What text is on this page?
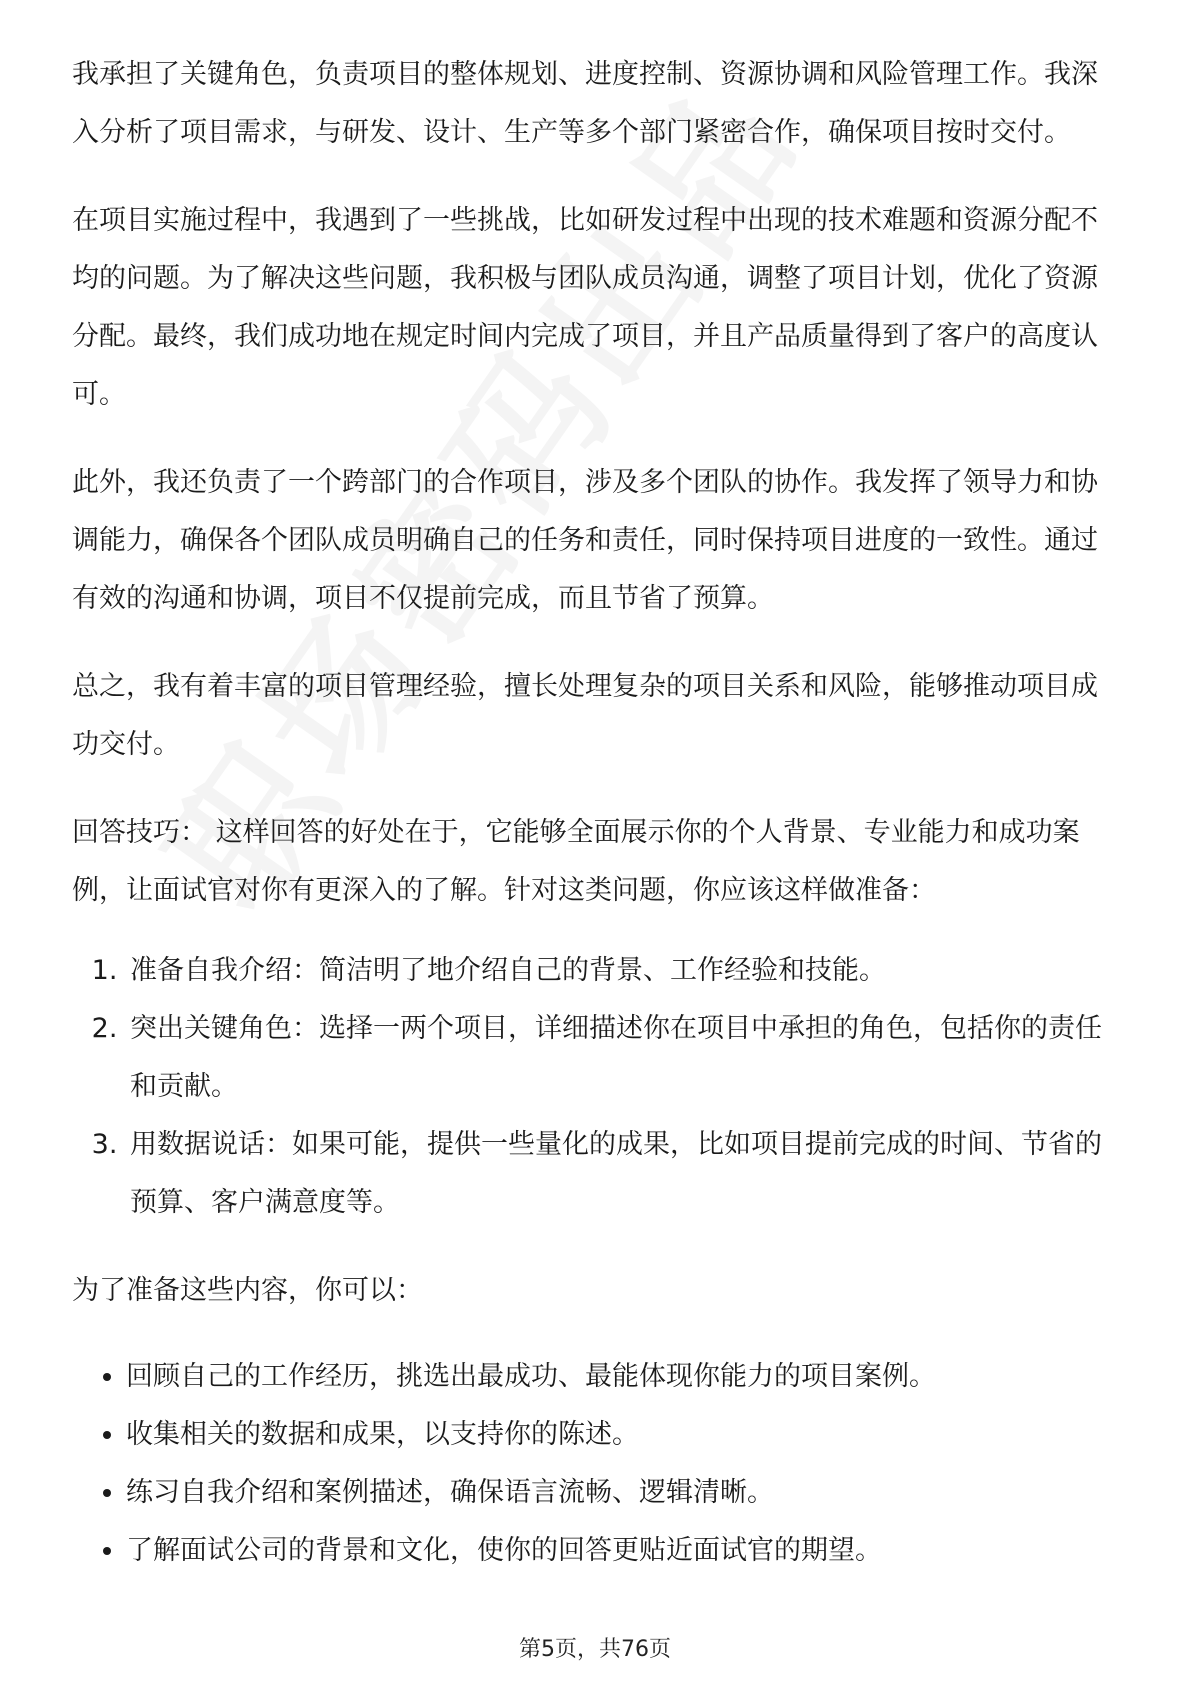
我承担了关键角色，负责项目的整体规划、进度控制、资源协调和风险管理工作。我深入分析了项目需求，与研发、设计、生产等多个部门紧密合作，确保项目按时交付。

在项目实施过程中，我遇到了一些挑战，比如研发过程中出现的技术难题和资源分配不均的问题。为了解决这些问题，我积极与团队成员沟通，调整了项目计划，优化了资源分配。最终，我们成功地在规定时间内完成了项目，并且产品质量得到了客户的高度认可。

此外，我还负责了一个跨部门的合作项目，涉及多个团队的协作。我发挥了领导力和协调能力，确保各个团队成员明确自己的任务和责任，同时保持项目进度的一致性。通过有效的沟通和协调，项目不仅提前完成，而且节省了预算。

总之，我有着丰富的项目管理经验，擅长处理复杂的项目关系和风险，能够推动项目成功交付。

回答技巧： 这样回答的好处在于，它能够全面展示你的个人背景、专业能力和成功案例，让面试官对你有更深入的了解。针对这类问题，你应该这样做准备：

1. 准备自我介绍：简洁明了地介绍自己的背景、工作经验和技能。
2. 突出关键角色：选择一两个项目，详细描述你在项目中承担的角色，包括你的责任和贡献。
3. 用数据说话：如果可能，提供一些量化的成果，比如项目提前完成的时间、节省的预算、客户满意度等。

为了准备这些内容，你可以：

• 回顾自己的工作经历，挑选出最成功、最能体现你能力的项目案例。
• 收集相关的数据和成果，以支持你的陈述。
• 练习自我介绍和案例描述，确保语言流畅、逻辑清晰。
• 了解面试公司的背景和文化，使你的回答更贴近面试官的期望。
第5页，共76页
